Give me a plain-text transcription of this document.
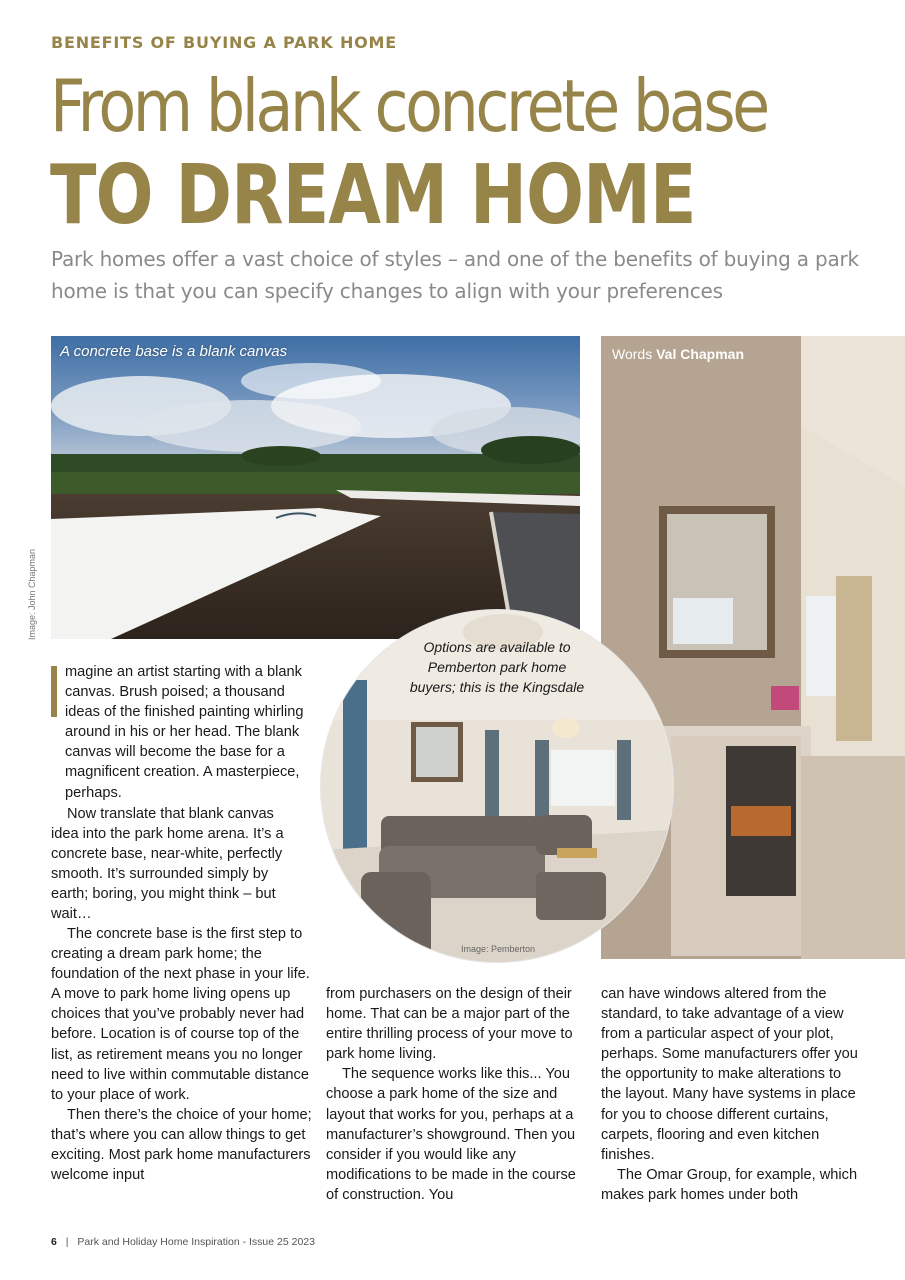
BENEFITS OF BUYING A PARK HOME
From blank concrete base
TO DREAM HOME
Park homes offer a vast choice of styles – and one of the benefits of buying a park home is that you can specify changes to align with your preferences
A concrete base is a blank canvas
Image: John Chapman
Words Val Chapman
Options are available to
Pemberton park home
buyers; this is the Kingsdale
Image: Pemberton

magine an artist starting with a blank canvas. Brush poised; a thousand ideas of the finished painting whirling around in his or her head. The blank canvas will become the base for a magnificent creation. A masterpiece, perhaps.

The concrete base is the first step to creating a dream park home; the foundation of the next phase in your life. A move to park home living opens up choices that you’ve probably never had before. Location is of course top of the list, as retirement means you no longer need to live within commutable distance to your place of work.

Then there’s the choice of your home; that’s where you can allow things to get exciting. Most park home manufacturers welcome input

Now translate that blank canvas idea into the park home arena. It’s a concrete base, near-white, perfectly smooth. It’s surrounded simply by earth; boring, you might think – but wait…

from purchasers on the design of their home. That can be a major part of the entire thrilling process of your move to park home living.

The sequence works like this... You choose a park home of the size and layout that works for you, perhaps at a manufacturer’s showground. Then you consider if you would like any modifications to be made in the course of construction. You

can have windows altered from the standard, to take advantage of a view from a particular aspect of your plot, perhaps. Some manufacturers offer you the opportunity to make alterations to the layout. Many have systems in place for you to choose different curtains, carpets, flooring and even kitchen finishes.

The Omar Group, for example, which makes park homes under both

6 | Park and Holiday Home Inspiration - Issue 25 2023
